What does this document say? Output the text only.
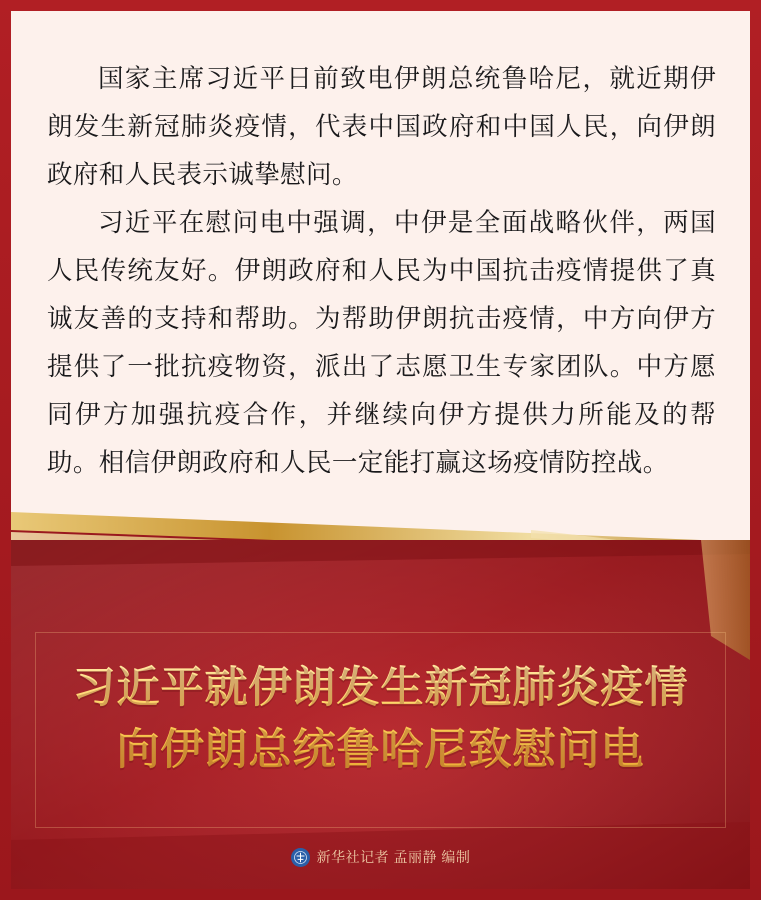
国家主席习近平日前致电伊朗总统鲁哈尼，就近期伊朗发生新冠肺炎疫情，代表中国政府和中国人民，向伊朗政府和人民表示诚挚慰问。

习近平在慰问电中强调，中伊是全面战略伙伴，两国人民传统友好。伊朗政府和人民为中国抗击疫情提供了真诚友善的支持和帮助。为帮助伊朗抗击疫情，中方向伊方提供了一批抗疫物资，派出了志愿卫生专家团队。中方愿同伊方加强抗疫合作，并继续向伊方提供力所能及的帮助。相信伊朗政府和人民一定能打赢这场疫情防控战。

习近平就伊朗发生新冠肺炎疫情
向伊朗总统鲁哈尼致慰问电
新华社记者 孟丽静 编制
